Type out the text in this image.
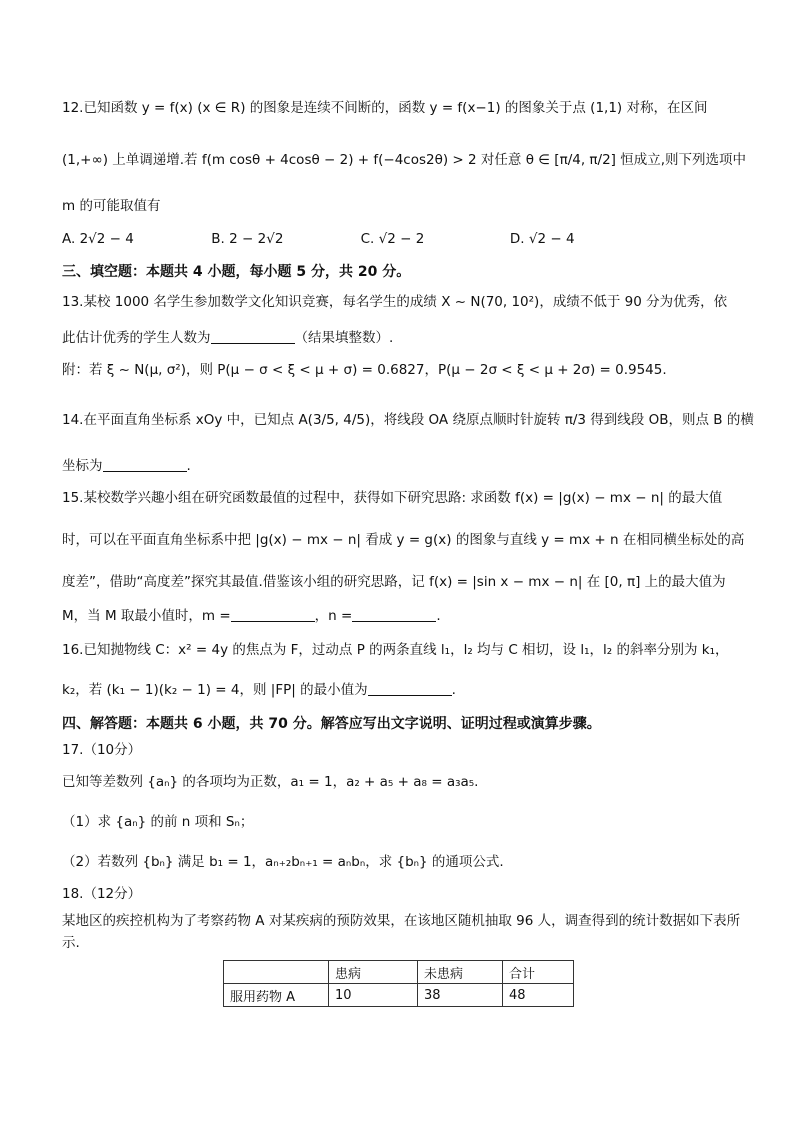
12.已知函数 y = f(x) (x ∈ R) 的图象是连续不间断的，函数 y = f(x−1) 的图象关于点 (1,1) 对称，在区间
(1,+∞) 上单调递增.若 f(m cosθ + 4cosθ − 2) + f(−4cos2θ) > 2 对任意 θ ∈ [π/4, π/2] 恒成立,则下列选项中
m 的可能取值有
A. 2√2 − 4	B. 2 − 2√2	C. √2 − 2	D. √2 − 4
三、填空题：本题共 4 小题，每小题 5 分，共 20 分。
13.某校 1000 名学生参加数学文化知识竞赛，每名学生的成绩 X ~ N(70, 10²)，成绩不低于 90 分为优秀，依
此估计优秀的学生人数为	（结果填整数）.
附：若 ξ ~ N(μ, σ²)，则 P(μ − σ < ξ < μ + σ) = 0.6827，P(μ − 2σ < ξ < μ + 2σ) = 0.9545.
14.在平面直角坐标系 xOy 中，已知点 A(3/5, 4/5)，将线段 OA 绕原点顺时针旋转 π/3 得到线段 OB，则点 B 的横
坐标为	.
15.某校数学兴趣小组在研究函数最值的过程中，获得如下研究思路: 求函数 f(x) = |g(x) − mx − n| 的最大值
时，可以在平面直角坐标系中把 |g(x) − mx − n| 看成 y = g(x) 的图象与直线 y = mx + n 在相同横坐标处的高
度差”，借助“高度差”探究其最值.借鉴该小组的研究思路，记 f(x) = |sin x − mx − n| 在 [0, π] 上的最大值为
M，当 M 取最小值时，m =	，n =	.
16.已知抛物线 C：x² = 4y 的焦点为 F，过动点 P 的两条直线 l₁，l₂ 均与 C 相切，设 l₁，l₂ 的斜率分别为 k₁，
k₂，若 (k₁ − 1)(k₂ − 1) = 4，则 |FP| 的最小值为	.
四、解答题：本题共 6 小题，共 70 分。解答应写出文字说明、证明过程或演算步骤。
17.（10分）
已知等差数列 {aₙ} 的各项均为正数，a₁ = 1，a₂ + a₅ + a₈ = a₃a₅.
（1）求 {aₙ} 的前 n 项和 Sₙ；
（2）若数列 {bₙ} 满足 b₁ = 1，aₙ₊₂bₙ₊₁ = aₙbₙ，求 {bₙ} 的通项公式.
18.（12分）
某地区的疾控机构为了考察药物 A 对某疾病的预防效果，在该地区随机抽取 96 人，调查得到的统计数据如下表所示.
	患病	未患病	合计
服用药物 A	10	38	48
